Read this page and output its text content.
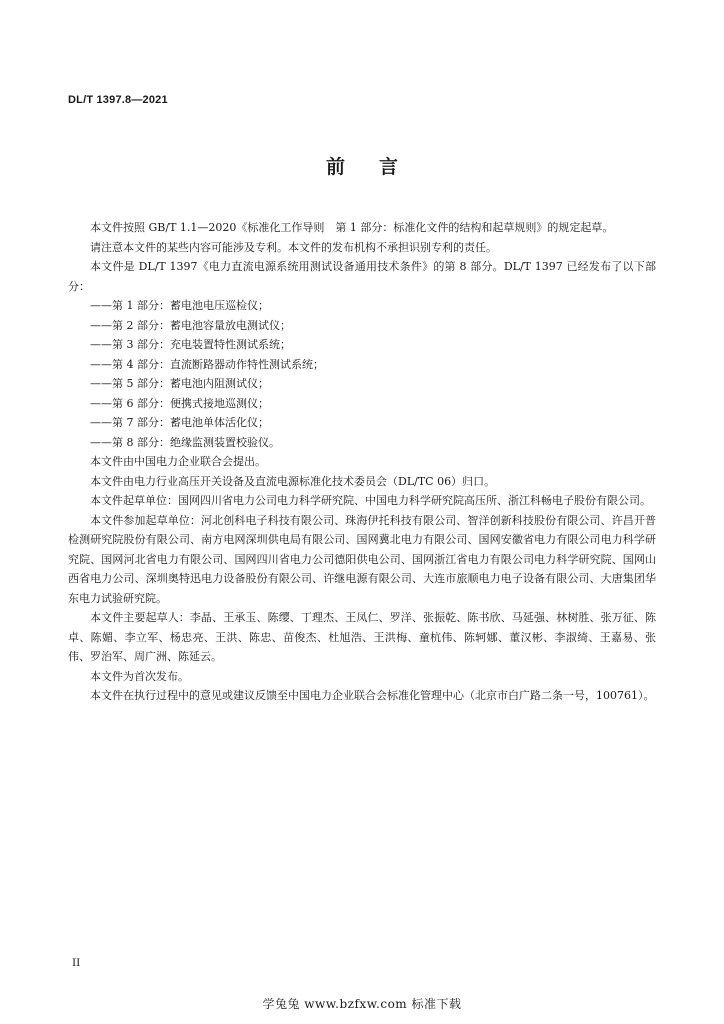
DL/T 1397.8—2021
前言

本文件按照 GB/T 1.1—2020《标准化工作导则　第 1 部分：标准化文件的结构和起草规则》的规定起草。

请注意本文件的某些内容可能涉及专利。本文件的发布机构不承担识别专利的责任。

本文件是 DL/T 1397《电力直流电源系统用测试设备通用技术条件》的第 8 部分。DL/T 1397 已经发布了以下部分：

——第 1 部分：蓄电池电压巡检仪；

——第 2 部分：蓄电池容量放电测试仪；

——第 3 部分：充电装置特性测试系统；

——第 4 部分：直流断路器动作特性测试系统；

——第 5 部分：蓄电池内阻测试仪；

——第 6 部分：便携式接地巡测仪；

——第 7 部分：蓄电池单体活化仪；

——第 8 部分：绝缘监测装置校验仪。

本文件由中国电力企业联合会提出。

本文件由电力行业高压开关设备及直流电源标准化技术委员会（DL/TC 06）归口。

本文件起草单位：国网四川省电力公司电力科学研究院、中国电力科学研究院高压所、浙江科畅电子股份有限公司。

本文件参加起草单位：河北创科电子科技有限公司、珠海伊托科技有限公司、智洋创新科技股份有限公司、许昌开普检测研究院股份有限公司、南方电网深圳供电局有限公司、国网冀北电力有限公司、国网安徽省电力有限公司电力科学研究院、国网河北省电力有限公司、国网四川省电力公司德阳供电公司、国网浙江省电力有限公司电力科学研究院、国网山西省电力公司、深圳奥特迅电力设备股份有限公司、许继电源有限公司、大连市旅顺电力电子设备有限公司、大唐集团华东电力试验研究院。

本文件主要起草人：李晶、王承玉、陈缨、丁理杰、王凤仁、罗洋、张振乾、陈书欣、马延强、林树胜、张万征、陈卓、陈媚、李立军、杨忠亮、王洪、陈忠、苗俊杰、杜旭浩、王洪梅、童杭伟、陈轲娜、董汉彬、李淑绮、王嘉易、张伟、罗治军、周广洲、陈延云。

本文件为首次发布。

本文件在执行过程中的意见或建议反馈至中国电力企业联合会标准化管理中心（北京市白广路二条一号，100761）。

II
学兔兔 www.bzfxw.com 标准下载
